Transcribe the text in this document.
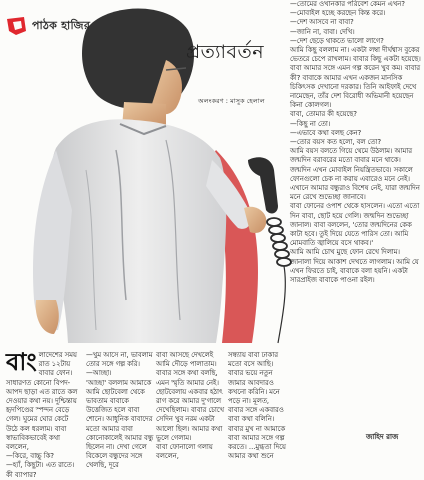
পাঠক হাজির
প্রত্যাবর্তন
অলংকরণ : মাসুক হেলাল

—তোমের ওখানকার পরিবেশ কেমন এখন?

—মোবাইল হচ্ছে করছেন কিন্ত করে।

—দেশ আসবে না বাবা?

—জানি না, বাবা। দেখি।

—দেশ ছেড়ে থাকতে ভালো লাগে?

আমি কিছু বললাম না। একটা লম্বা দীর্ঘশ্বাস বুকের ভেতরে চেপে রাখলাম। বাবার কিছু একটা হয়েছে। বাবা আমার সঙ্গে এমন গল্প করেন খুব কম। বাবার কী? বাবাকে আমার এখন একজন মানসিক চিকিৎসক দেখানো দরকার। তিনি আইফাই দেখে নামেছেন, তাঁর দেশ বিরোধী অভিমানী হয়েছেন কিনা কোলগল।

বাবা, তোমার কী হয়েছে?

—কিছু না তো।

—এভাবে কথা বলছ কেন?

—তোর বয়স কত হলো, বল তো?

আমি বয়স বলতে গিয়ে থেমে উঠলাম। আমার জন্মদিন বরাবরের মতো বাবার মনে থাকে। জন্মদিন এখন মোবাইল নিয়ন্ত্রিতভাবে। সকালে ফোনগুলো চেক না করায় এবারেও মনে নেই। এখানে আমার বন্ধুরাও বিশেষ নেই, যারা জন্মদিন মনে রেখে শুভেচ্ছা জানাবে।

বাবা ফোনের ওপাশ থেকে হাসলেন। এতো এতো দিন বাবা, ছোট হয়ে গেলি। জন্মদিন শুভেচ্ছা জানাল। বাবা বললেন, 'তোর জন্মদিনের কেক কাটা হবে। তুই দিয়ে যেতে পারিস তো। আমি মোমবাতি জ্বালিয়ে বসে থাকব।'

আমি আমি চোখ মুছে ফোন রেখে দিলাম। জানালা দিয়ে আকাশ দেখতে লাগলাম। আমি যে এখন ফিরতে চাই, বাবাকে বলা হয়নি। একটা সারপ্রাইজ বাবাকে পাওনা রইল।

বাং লাদেশের সময় রাত ১২টায় বাবার ফোন। সাধারণত কোনো বিপদ-আপদ ছাড়া এত রাতে কল দেওয়ার কথা নয়। দুশ্চিন্তায় হৃদপিণ্ডের স্পন্দন বেড়ে গেল। ঘুমের ঘোর কেটে উঠে কল ধরলাম। বাবা স্বাভাবিকভাবেই কথা বললেন,

—কিরে, বাচ্চু কি?

—হ্যাঁ, কিছুটা। এত রাতে। কী ব্যাপার?

—খুম আসে না, ভাবলাম তোর সঙ্গে গল্প করি।

—আচ্ছা।

'আচ্ছা' বললাম আমাকে আমি ছোটবেলা থেকে ভাবতাম বাবাকে উত্তেজিত হলে বাবা শোনে। আধুনিক বাবাদের মতো আমার বাবা কোনোকালেই আমার বন্ধু ছিলেন না। দেখা গেলে বিকেলে বন্ধুদের সঙ্গে খেলছি, দূরে

বাবা আসছে দেখলেই আমি দৌড়ে পালাতাম। বাবার সঙ্গে কথা বলছি, এমন স্মৃতি আমার নেই। ছোটবেলায় একবার হঠাৎ রাগ করে আমার দু'গালে দেখেছিলাম। বাবার চোখে সেদিন খুব নরম একটা আলো ছিল। আমার কথা ভুলে গেলাম।

বাবা ফোনালো গলায় বললেন,

সন্ধ্যায় বাবা ঢাকার মতো বসে আছি। বাবার ভয়ে নতুন জামার আবদারও কখনো করিনি। মনে পড়ে না। মূলত, বাবার সঙ্গে একবারও বাবা কথা বলিনি। বাবার মুখ না আমাকে বাবা আমার সঙ্গে গল্প করতে। ...মুগ্ধতা দিয়ে আমার কথা শুনে

জাহিদ রাজ
